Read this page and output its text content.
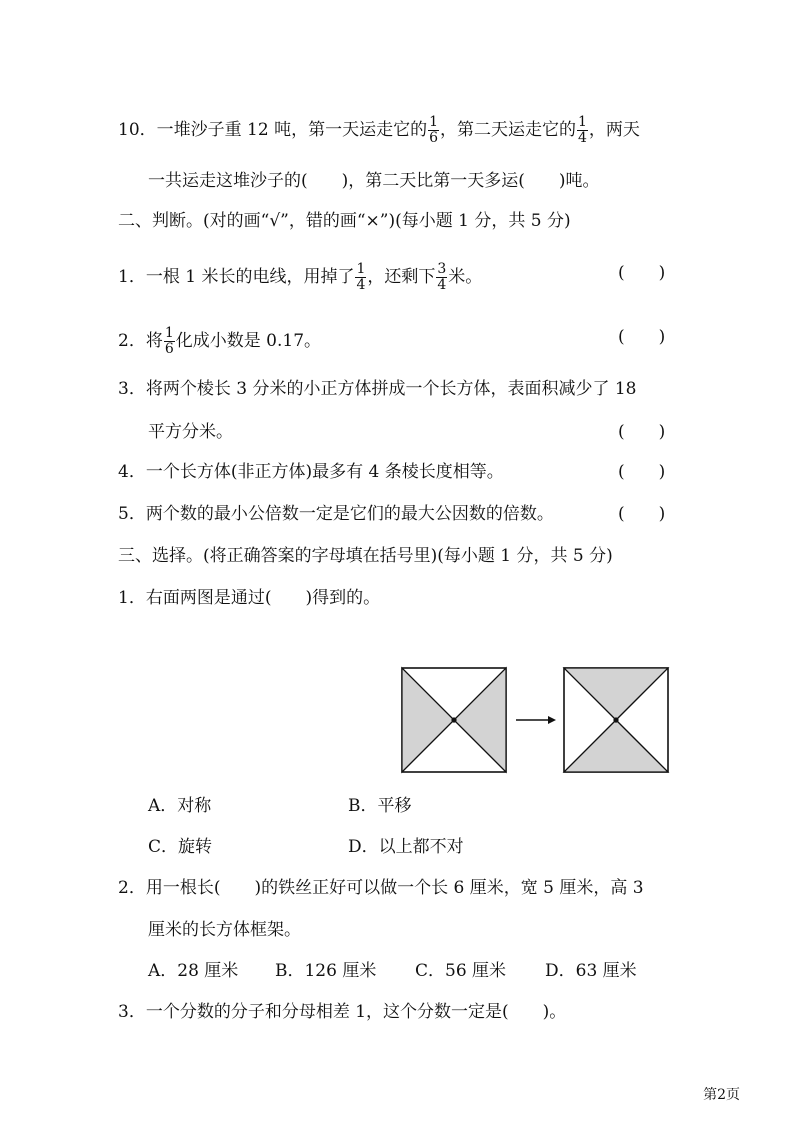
10．一堆沙子重 12 吨，第一天运走它的 $\frac{1}{6}$ ，第二天运走它的 $\frac{1}{4}$ ，两天
一共运走这堆沙子的(　　)，第二天比第一天多运(　　)吨。
二、判断。(对的画“√”，错的画“×”)(每小题 1 分，共 5 分)
1．一根 1 米长的电线，用掉了 $\frac{1}{4}$ ，还剩下 $\frac{3}{4}$ 米。	(　　)
2．将 $\frac{1}{6}$ 化成小数是 0.17。	(　　)
3．将两个棱长 3 分米的小正方体拼成一个长方体，表面积减少了 18
平方分米。	(　　)
4．一个长方体(非正方体)最多有 4 条棱长度相等。	(　　)
5．两个数的最小公倍数一定是它们的最大公因数的倍数。	(　　)
三、选择。(将正确答案的字母填在括号里)(每小题 1 分，共 5 分)
1．右面两图是通过(　　)得到的。
A．对称	B．平移
C．旋转	D．以上都不对
2．用一根长(　　)的铁丝正好可以做一个长 6 厘米，宽 5 厘米，高 3
厘米的长方体框架。
A．28 厘米 B．126 厘米 C．56 厘米 D．63 厘米
3．一个分数的分子和分母相差 1，这个分数一定是(　　)。
第2页
